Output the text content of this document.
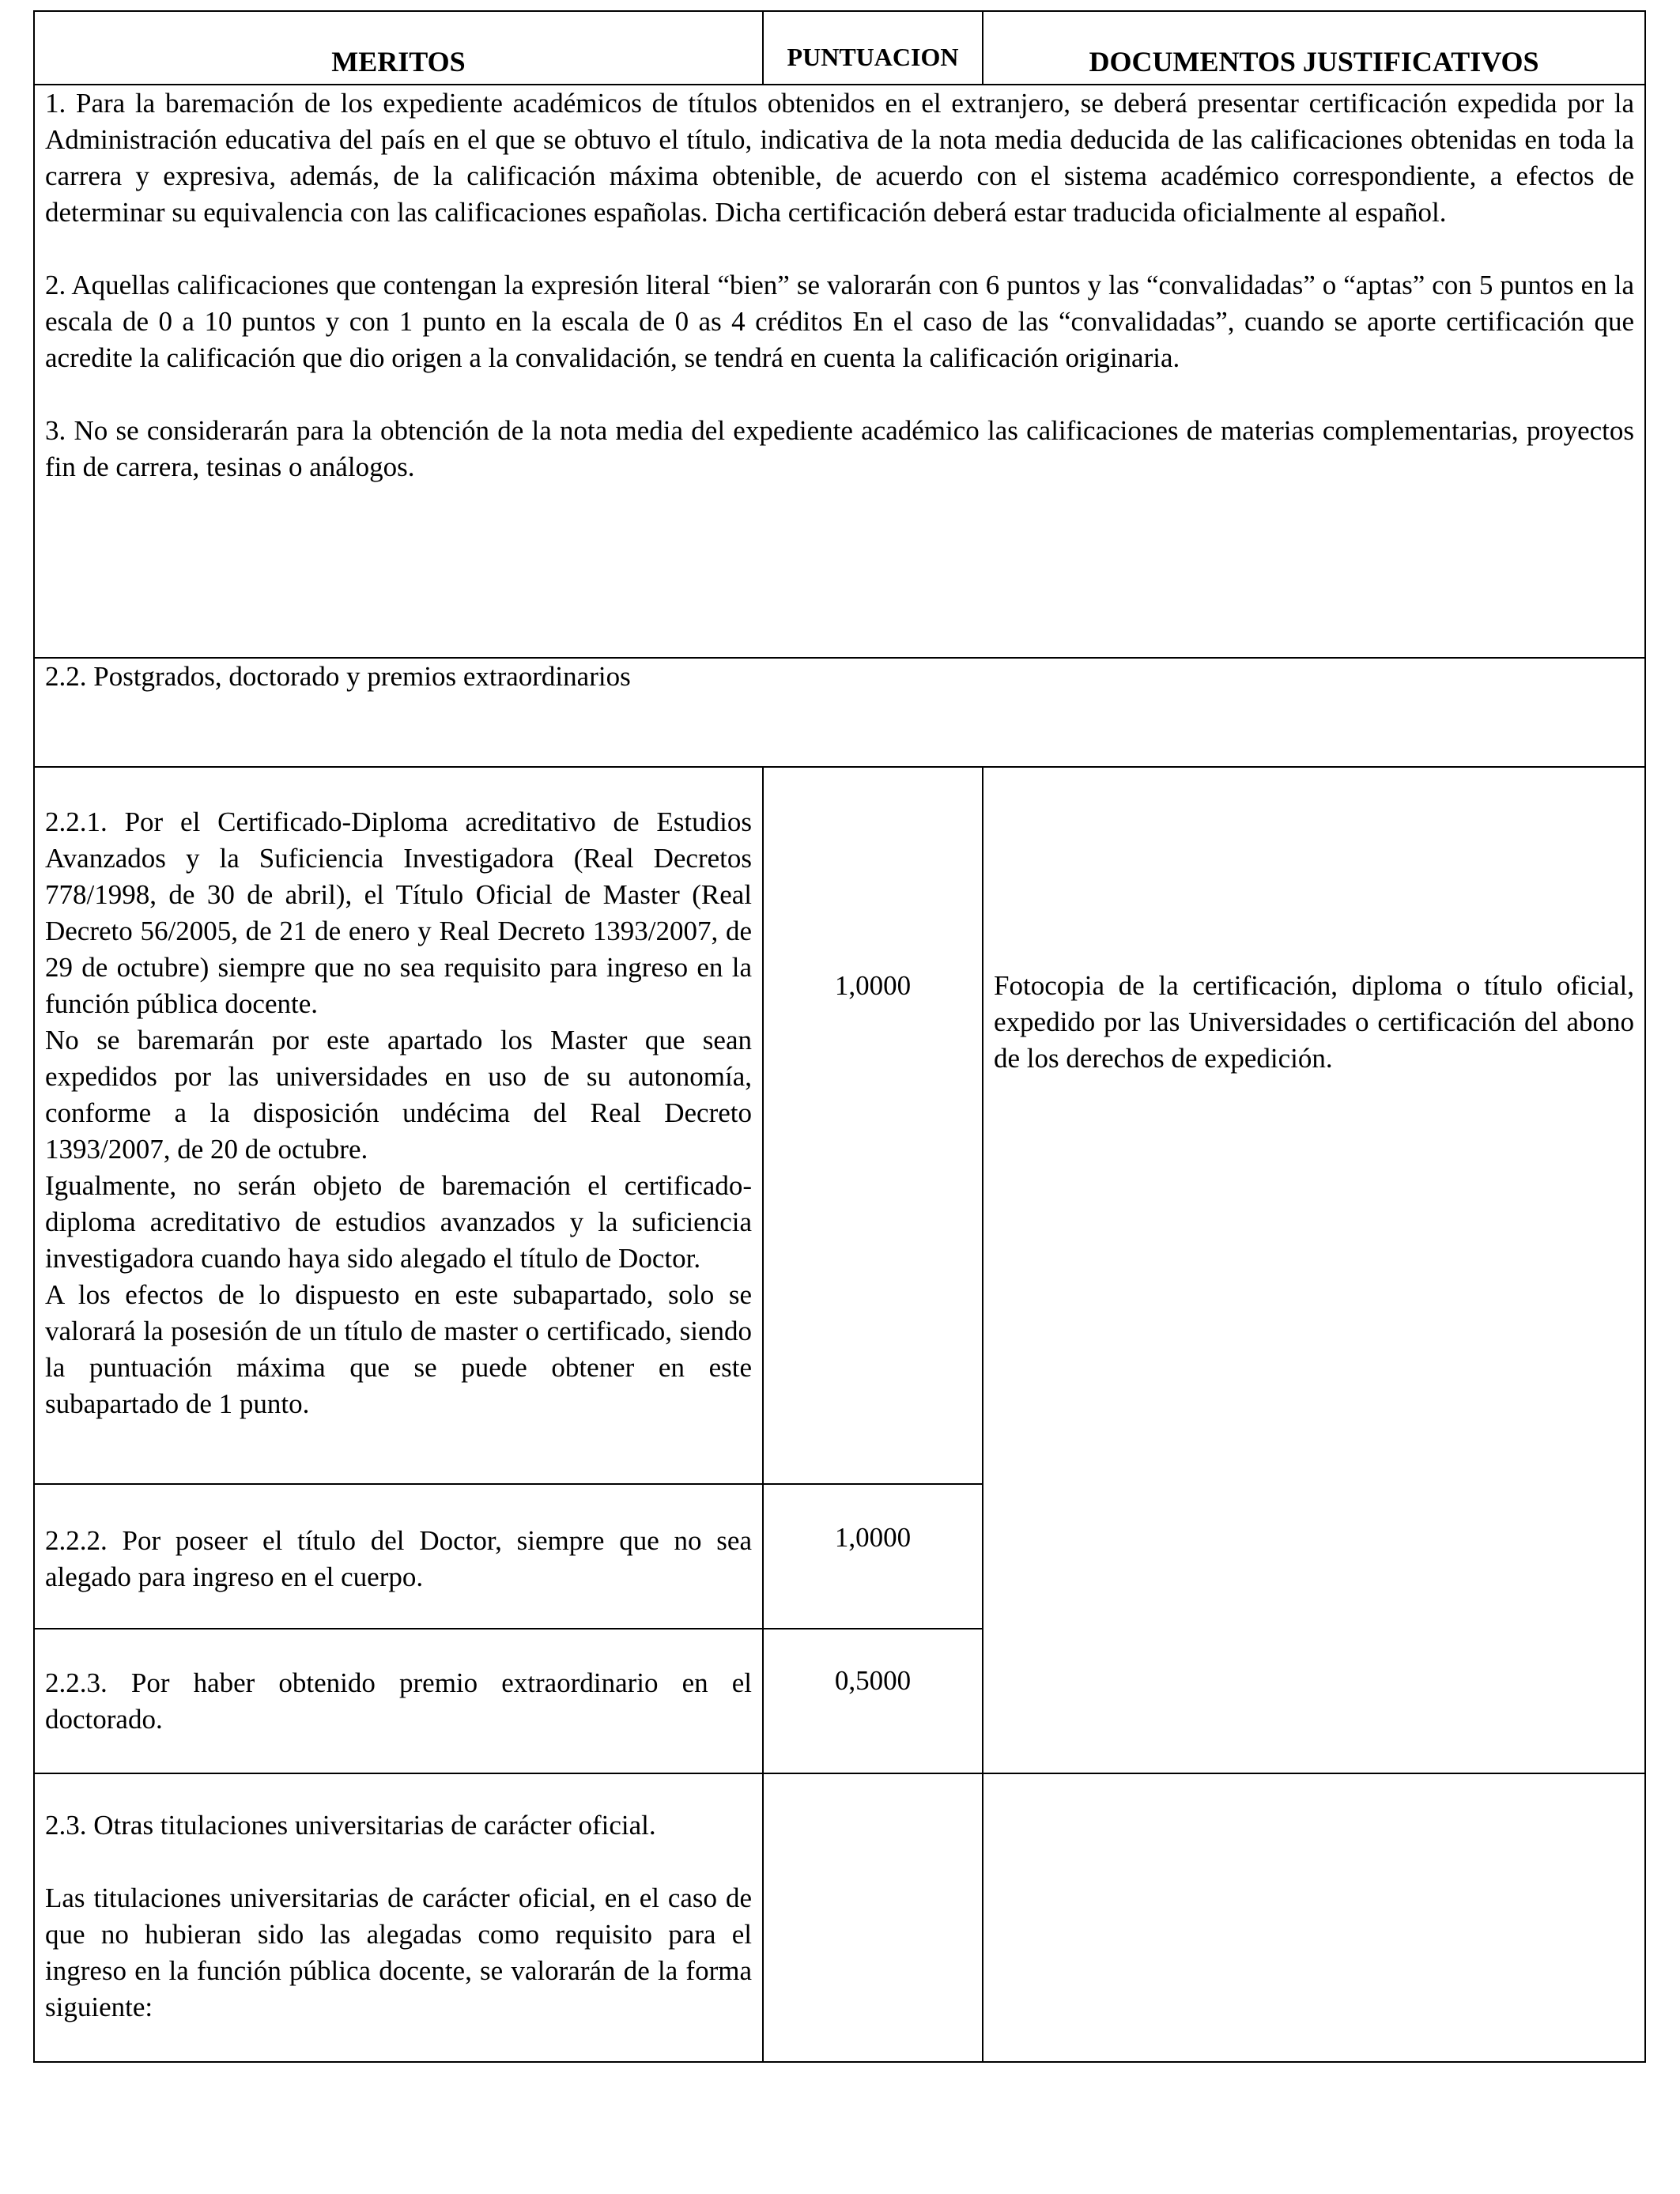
MERITOS	PUNTUACION	DOCUMENTOS JUSTIFICATIVOS

1. Para la baremación de los expediente académicos de títulos obtenidos en el extranjero, se deberá presentar certificación expedida por la Administración educativa del país en el que se obtuvo el título, indicativa de la nota media deducida de las calificaciones obtenidas en toda la carrera y expresiva, además, de la calificación máxima obtenible, de acuerdo con el sistema académico correspondiente, a efectos de determinar su equivalencia con las calificaciones españolas. Dicha certificación deberá estar traducida oficialmente al español.

2. Aquellas calificaciones que contengan la expresión literal “bien” se valorarán con 6 puntos y las “convalidadas” o “aptas” con 5 puntos en la escala de 0 a 10 puntos y con 1 punto en la escala de 0 as 4 créditos En el caso de las “convalidadas”, cuando se aporte certificación que acredite la calificación que dio origen a la convalidación, se tendrá en cuenta la calificación originaria.

3. No se considerarán para la obtención de la nota media del expediente académico las calificaciones de materias complementarias, proyectos fin de carrera, tesinas o análogos.		

2.2. Postgrados, doctorado y premios extraordinarios		

2.2.1. Por el Certificado-Diploma acreditativo de Estudios Avanzados y la Suficiencia Investigadora (Real Decretos 778/1998, de 30 de abril), el Título Oficial de Master (Real Decreto 56/2005, de 21 de enero y Real Decreto 1393/2007, de 29 de octubre) siempre que no sea requisito para ingreso en la función pública docente.
No se baremarán por este apartado los Master que sean expedidos por las universidades en uso de su autonomía, conforme a la disposición undécima del Real Decreto 1393/2007, de 20 de octubre.
Igualmente, no serán objeto de baremación el certificado-diploma acreditativo de estudios avanzados y la suficiencia investigadora cuando haya sido alegado el título de Doctor.
A los efectos de lo dispuesto en este subapartado, solo se valorará la posesión de un título de master o certificado, siendo la puntuación máxima que se puede obtener en este subapartado de 1 punto.	1,0000	Fotocopia de la certificación, diploma o título oficial, expedido por las Universidades o certificación del abono de los derechos de expedición.
2.2.2. Por poseer el título del Doctor, siempre que no sea alegado para ingreso en el cuerpo.	1,0000	
2.2.3. Por haber obtenido premio extraordinario en el doctorado.	0,5000	

2.3. Otras titulaciones universitarias de carácter oficial.
Las titulaciones universitarias de carácter oficial, en el caso de que no hubieran sido las alegadas como requisito para el ingreso en la función pública docente, se valorarán de la forma siguiente:		
